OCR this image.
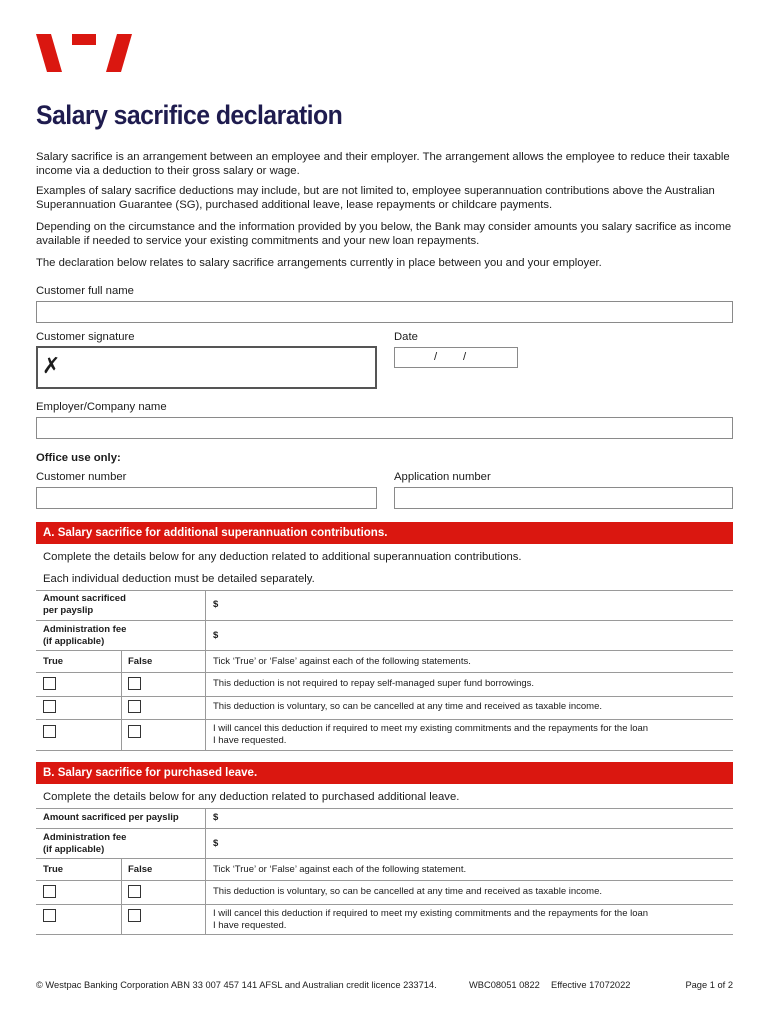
Salary sacrifice declaration
Salary sacrifice is an arrangement between an employee and their employer. The arrangement allows the employee to reduce their taxable income via a deduction to their gross salary or wage.
Examples of salary sacrifice deductions may include, but are not limited to, employee superannuation contributions above the Australian Superannuation Guarantee (SG), purchased additional leave, lease repayments or childcare payments.
Depending on the circumstance and the information provided by you below, the Bank may consider amounts you salary sacrifice as income available if needed to service your existing commitments and your new loan repayments.
The declaration below relates to salary sacrifice arrangements currently in place between you and your employer.
Customer full name
Customer signature
✗
Date
/ /
Employer/Company name
Office use only:
Customer number	Application number
A. Salary sacrifice for additional superannuation contributions.
Complete the details below for any deduction related to additional superannuation contributions.
Each individual deduction must be detailed separately.
Amount sacrificed
per payslip	$
Administration fee
(if applicable)	$
True	False	Tick ‘True’ or ‘False’ against each of the following statements.
This deduction is not required to repay self-managed super fund borrowings.
This deduction is voluntary, so can be cancelled at any time and received as taxable income.
I will cancel this deduction if required to meet my existing commitments and the repayments for the loan
I have requested.
B. Salary sacrifice for purchased leave.
Complete the details below for any deduction related to purchased additional leave.
Amount sacrificed per payslip	$
Administration fee
(if applicable)	$
True	False	Tick ‘True’ or ‘False’ against each of the following statement.
This deduction is voluntary, so can be cancelled at any time and received as taxable income.
I will cancel this deduction if required to meet my existing commitments and the repayments for the loan
I have requested.
© Westpac Banking Corporation ABN 33 007 457 141 AFSL and Australian credit licence 233714.	WBC08051 0822 Effective 17072022	Page 1 of 2
